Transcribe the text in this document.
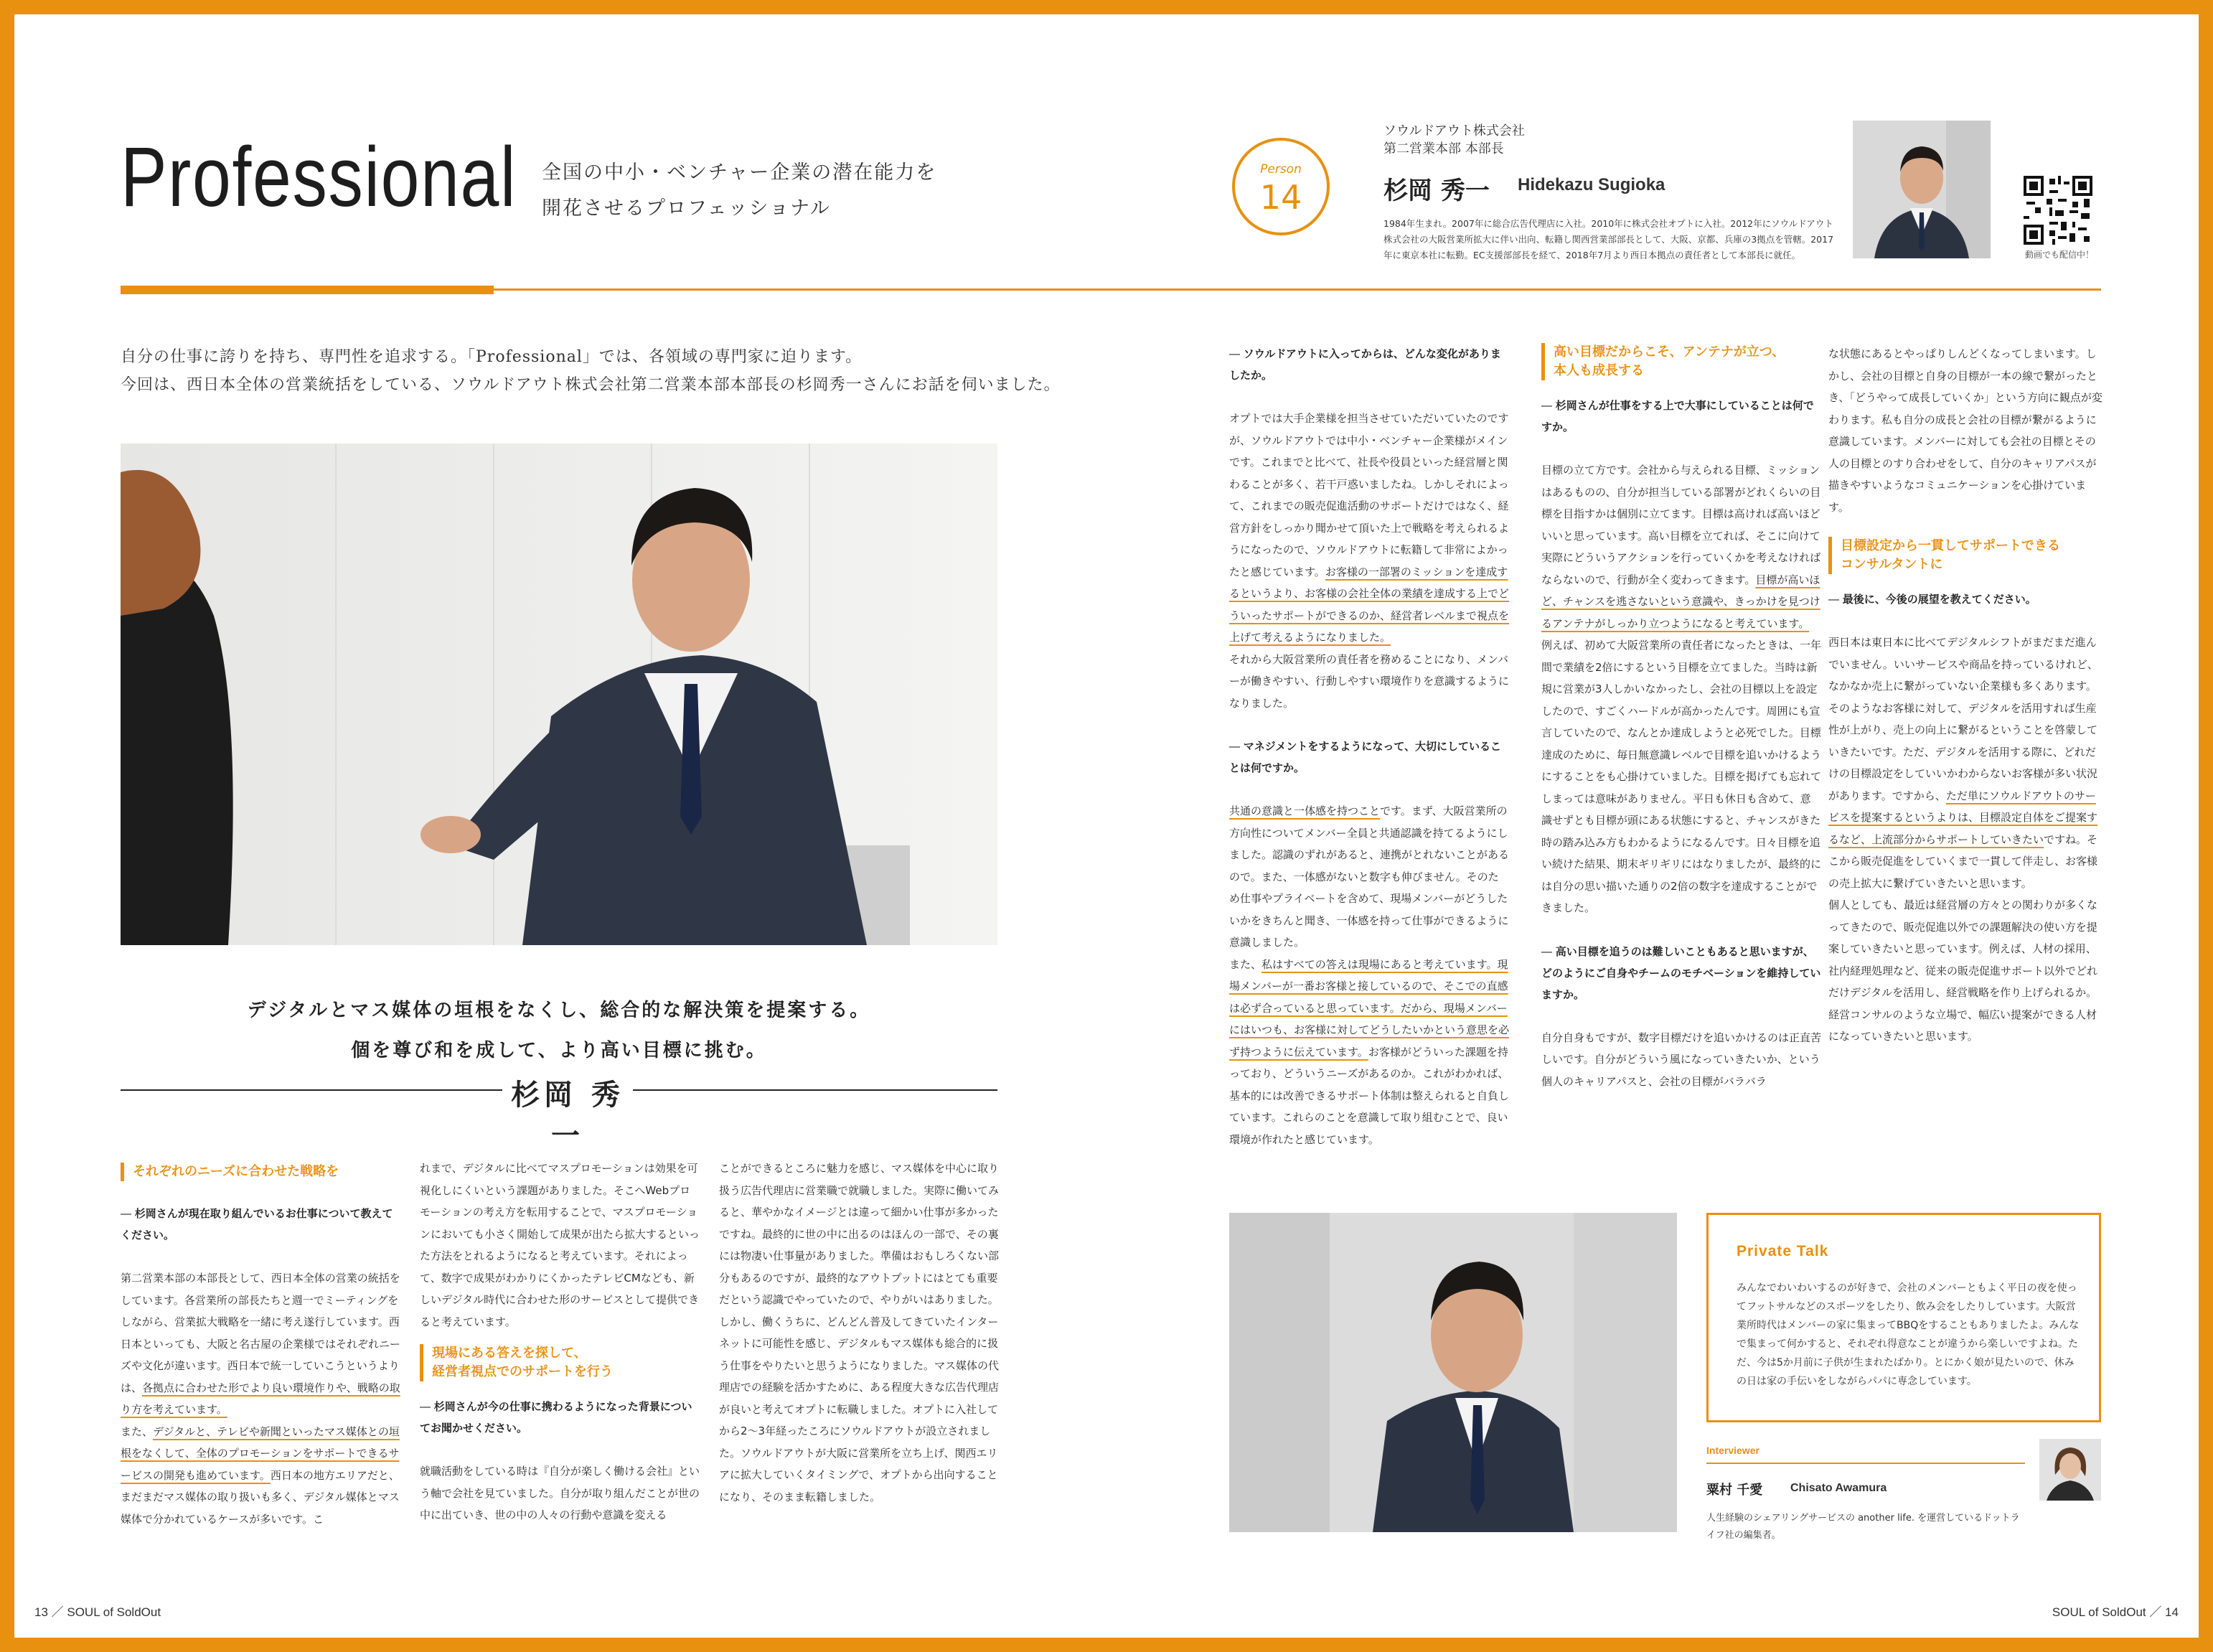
Professional 全国の中小・ベンチャー企業の潜在能力を
開花させるプロフェッショナル
Person
14
ソウルドアウト株式会社
第二営業本部 本部長
杉岡 秀一 Hidekazu Sugioka
1984年生まれ。2007年に総合広告代理店に入社。2010年に株式会社オプトに入社。2012年にソウルドアウト株式会社の大阪営業所拡大に伴い出向、転籍し関西営業部部長として、大阪、京都、兵庫の3拠点を管轄。2017年に東京本社に転勤。EC支援部部長を経て、2018年7月より西日本拠点の責任者として本部長に就任。	動画でも配信中！
自分の仕事に誇りを持ち、専門性を追求する。「Professional」では、各領域の専門家に迫ります。
今回は、西日本全体の営業統括をしている、ソウルドアウト株式会社第二営業本部本部長の杉岡秀一さんにお話を伺いました。
デジタルとマス媒体の垣根をなくし、総合的な解決策を提案する。
個を尊び和を成して、より高い目標に挑む。
杉岡 秀一

それぞれのニーズに合わせた戦略を

― 杉岡さんが現在取り組んでいるお仕事について教えてください。

第二営業本部の本部長として、西日本全体の営業の統括をしています。各営業所の部長たちと週一でミーティングをしながら、営業拡大戦略を一緒に考え遂行しています。西日本といっても、大阪と名古屋の企業様ではそれぞれニーズや文化が違います。西日本で統一していこうというよりは、各拠点に合わせた形でより良い環境作りや、戦略の取り方を考えています。

また、デジタルと、テレビや新聞といったマス媒体との垣根をなくして、全体のプロモーションをサポートできるサービスの開発も進めています。西日本の地方エリアだと、まだまだマス媒体の取り扱いも多く、デジタル媒体とマス媒体で分かれているケースが多いです。こ

れまで、デジタルに比べてマスプロモーションは効果を可視化しにくいという課題がありました。そこへWebプロモーションの考え方を転用することで、マスプロモーションにおいても小さく開始して成果が出たら拡大するといった方法をとれるようになると考えています。それによって、数字で成果がわかりにくかったテレビCMなども、新しいデジタル時代に合わせた形のサービスとして提供できると考えています。

現場にある答えを探して、
経営者視点でのサポートを行う

― 杉岡さんが今の仕事に携わるようになった背景についてお聞かせください。

就職活動をしている時は『自分が楽しく働ける会社』という軸で会社を見ていました。自分が取り組んだことが世の中に出ていき、世の中の人々の行動や意識を変える

ことができるところに魅力を感じ、マス媒体を中心に取り扱う広告代理店に営業職で就職しました。実際に働いてみると、華やかなイメージとは違って細かい仕事が多かったですね。最終的に世の中に出るのはほんの一部で、その裏には物凄い仕事量がありました。準備はおもしろくない部分もあるのですが、最終的なアウトプットにはとても重要だという認識でやっていたので、やりがいはありました。しかし、働くうちに、どんどん普及してきていたインターネットに可能性を感じ、デジタルもマス媒体も総合的に扱う仕事をやりたいと思うようになりました。マス媒体の代理店での経験を活かすために、ある程度大きな広告代理店が良いと考えてオプトに転職しました。オプトに入社してから2〜3年経ったころにソウルドアウトが設立されました。ソウルドアウトが大阪に営業所を立ち上げ、関西エリアに拡大していくタイミングで、オプトから出向することになり、そのまま転籍しました。

― ソウルドアウトに入ってからは、どんな変化がありましたか。

オプトでは大手企業様を担当させていただいていたのですが、ソウルドアウトでは中小・ベンチャー企業様がメインです。これまでと比べて、社長や役員といった経営層と関わることが多く、若干戸惑いましたね。しかしそれによって、これまでの販売促進活動のサポートだけではなく、経営方針をしっかり聞かせて頂いた上で戦略を考えられるようになったので、ソウルドアウトに転籍して非常によかったと感じています。お客様の一部署のミッションを達成するというより、お客様の会社全体の業績を達成する上でどういったサポートができるのか、経営者レベルまで視点を上げて考えるようになりました。

それから大阪営業所の責任者を務めることになり、メンバーが働きやすい、行動しやすい環境作りを意識するようになりました。

― マネジメントをするようになって、大切にしていることは何ですか。

共通の意識と一体感を持つことです。まず、大阪営業所の方向性についてメンバー全員と共通認識を持てるようにしました。認識のずれがあると、連携がとれないことがあるので。また、一体感がないと数字も伸びません。そのため仕事やプライベートを含めて、現場メンバーがどうしたいかをきちんと聞き、一体感を持って仕事ができるように意識しました。

また、私はすべての答えは現場にあると考えています。現場メンバーが一番お客様と接しているので、そこでの直感は必ず合っていると思っています。だから、現場メンバーにはいつも、お客様に対してどうしたいかという意思を必ず持つように伝えています。お客様がどういった課題を持っており、どういうニーズがあるのか。これがわかれば、基本的には改善できるサポート体制は整えられると自負しています。これらのことを意識して取り組むことで、良い環境が作れたと感じています。

高い目標だからこそ、アンテナが立つ、
本人も成長する

― 杉岡さんが仕事をする上で大事にしていることは何ですか。

目標の立て方です。会社から与えられる目標、ミッションはあるものの、自分が担当している部署がどれくらいの目標を目指すかは個別に立てます。目標は高ければ高いほどいいと思っています。高い目標を立てれば、そこに向けて実際にどういうアクションを行っていくかを考えなければならないので、行動が全く変わってきます。目標が高いほど、チャンスを逃さないという意識や、きっかけを見つけるアンテナがしっかり立つようになると考えています。

例えば、初めて大阪営業所の責任者になったときは、一年間で業績を2倍にするという目標を立てました。当時は新規に営業が3人しかいなかったし、会社の目標以上を設定したので、すごくハードルが高かったんです。周囲にも宣言していたので、なんとか達成しようと必死でした。目標達成のために、毎日無意識レベルで目標を追いかけるようにすることをも心掛けていました。目標を掲げても忘れてしまっては意味がありません。平日も休日も含めて、意識せずとも目標が頭にある状態にすると、チャンスがきた時の踏み込み方もわかるようになるんです。日々目標を追い続けた結果、期末ギリギリにはなりましたが、最終的には自分の思い描いた通りの2倍の数字を達成することができました。

― 高い目標を追うのは難しいこともあると思いますが、どのようにご自身やチームのモチベーションを維持していますか。

自分自身もですが、数字目標だけを追いかけるのは正直苦しいです。自分がどういう風になっていきたいか、という個人のキャリアパスと、会社の目標がバラバラ

な状態にあるとやっぱりしんどくなってしまいます。しかし、会社の目標と自身の目標が一本の線で繋がったとき、「どうやって成長していくか」という方向に観点が変わります。私も自分の成長と会社の目標が繋がるように意識しています。メンバーに対しても会社の目標とその人の目標とのすり合わせをして、自分のキャリアパスが描きやすいようなコミュニケーションを心掛けています。

目標設定から一貫してサポートできる
コンサルタントに

― 最後に、今後の展望を教えてください。

西日本は東日本に比べてデジタルシフトがまだまだ進んでいません。いいサービスや商品を持っているけれど、なかなか売上に繋がっていない企業様も多くあります。そのようなお客様に対して、デジタルを活用すれば生産性が上がり、売上の向上に繋がるということを啓蒙していきたいです。ただ、デジタルを活用する際に、どれだけの目標設定をしていいかわからないお客様が多い状況があります。ですから、ただ単にソウルドアウトのサービスを提案するというよりは、目標設定自体をご提案するなど、上流部分からサポートしていきたいですね。そこから販売促進をしていくまで一貫して伴走し、お客様の売上拡大に繋げていきたいと思います。

個人としても、最近は経営層の方々との関わりが多くなってきたので、販売促進以外での課題解決の使い方を提案していきたいと思っています。例えば、人材の採用、社内経理処理など、従来の販売促進サポート以外でどれだけデジタルを活用し、経営戦略を作り上げられるか。経営コンサルのような立場で、幅広い提案ができる人材になっていきたいと思います。

Private Talk
みんなでわいわいするのが好きで、会社のメンバーともよく平日の夜を使ってフットサルなどのスポーツをしたり、飲み会をしたりしています。大阪営業所時代はメンバーの家に集まってBBQをすることもありましたよ。みんなで集まって何かすると、それぞれ得意なことが違うから楽しいですよね。ただ、今は5か月前に子供が生まれたばかり。とにかく娘が見たいので、休みの日は家の手伝いをしながらパパに専念しています。
Interviewer
粟村 千愛 Chisato Awamura
人生経験のシェアリングサービスの another life. を運営しているドットライフ社の編集者。
13 ／ SOUL of SoldOut	SOUL of SoldOut ／ 14
